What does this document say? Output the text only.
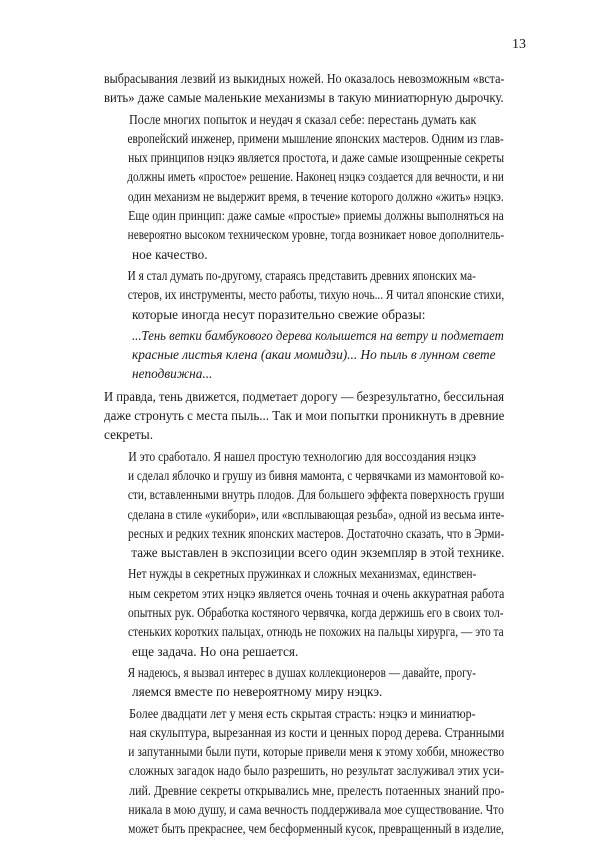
13
выбрасывания лезвий из выкидных ножей. Но оказалось невозможным «вста-
вить» даже самые маленькие механизмы в такую миниатюрную дырочку.
После многих попыток и неудач я сказал себе: перестань думать как
европейский инженер, примени мышление японских мастеров. Одним из глав-
ных принципов нэцкэ является простота, и даже самые изощренные секреты
должны иметь «простое» решение. Наконец нэцкэ создается для вечности, и ни
один механизм не выдержит время, в течение которого должно «жить» нэцкэ.
Еще один принцип: даже самые «простые» приемы должны выполняться на
невероятно высоком техническом уровне, тогда возникает новое дополнитель-
ное качество.
И я стал думать по-другому, стараясь представить древних японских ма-
стеров, их инструменты, место работы, тихую ночь... Я читал японские стихи,
которые иногда несут поразительно свежие образы:
...Тень ветки бамбукового дерева колышется на ветру и подметает
красные листья клена (акаи момидзи)... Но пыль в лунном свете
неподвижна...
И правда, тень движется, подметает дорогу — безрезультатно, бессильная
даже стронуть с места пыль... Так и мои попытки проникнуть в древние
секреты.
И это сработало. Я нашел простую технологию для воссоздания нэцкэ
и сделал яблочко и грушу из бивня мамонта, с червячками из мамонтовой ко-
сти, вставленными внутрь плодов. Для большего эффекта поверхность груши
сделана в стиле «укибори», или «всплывающая резьба», одной из весьма инте-
ресных и редких техник японских мастеров. Достаточно сказать, что в Эрми-
таже выставлен в экспозиции всего один экземпляр в этой технике.
Нет нужды в секретных пружинках и сложных механизмах, единствен-
ным секретом этих нэцкэ является очень точная и очень аккуратная работа
опытных рук. Обработка костяного червячка, когда держишь его в своих тол-
стеньких коротких пальцах, отнюдь не похожих на пальцы хирурга, — это та
еще задача. Но она решается.
Я надеюсь, я вызвал интерес в душах коллекционеров — давайте, прогу-
ляемся вместе по невероятному миру нэцкэ.
Более двадцати лет у меня есть скрытая страсть: нэцкэ и миниатюр-
ная скульптура, вырезанная из кости и ценных пород дерева. Странными
и запутанными были пути, которые привели меня к этому хобби, множество
сложных загадок надо было разрешить, но результат заслуживал этих уси-
лий. Древние секреты открывались мне, прелесть потаенных знаний про-
никала в мою душу, и сама вечность поддерживала мое существование. Что
может быть прекраснее, чем бесформенный кусок, превращенный в изделие,
